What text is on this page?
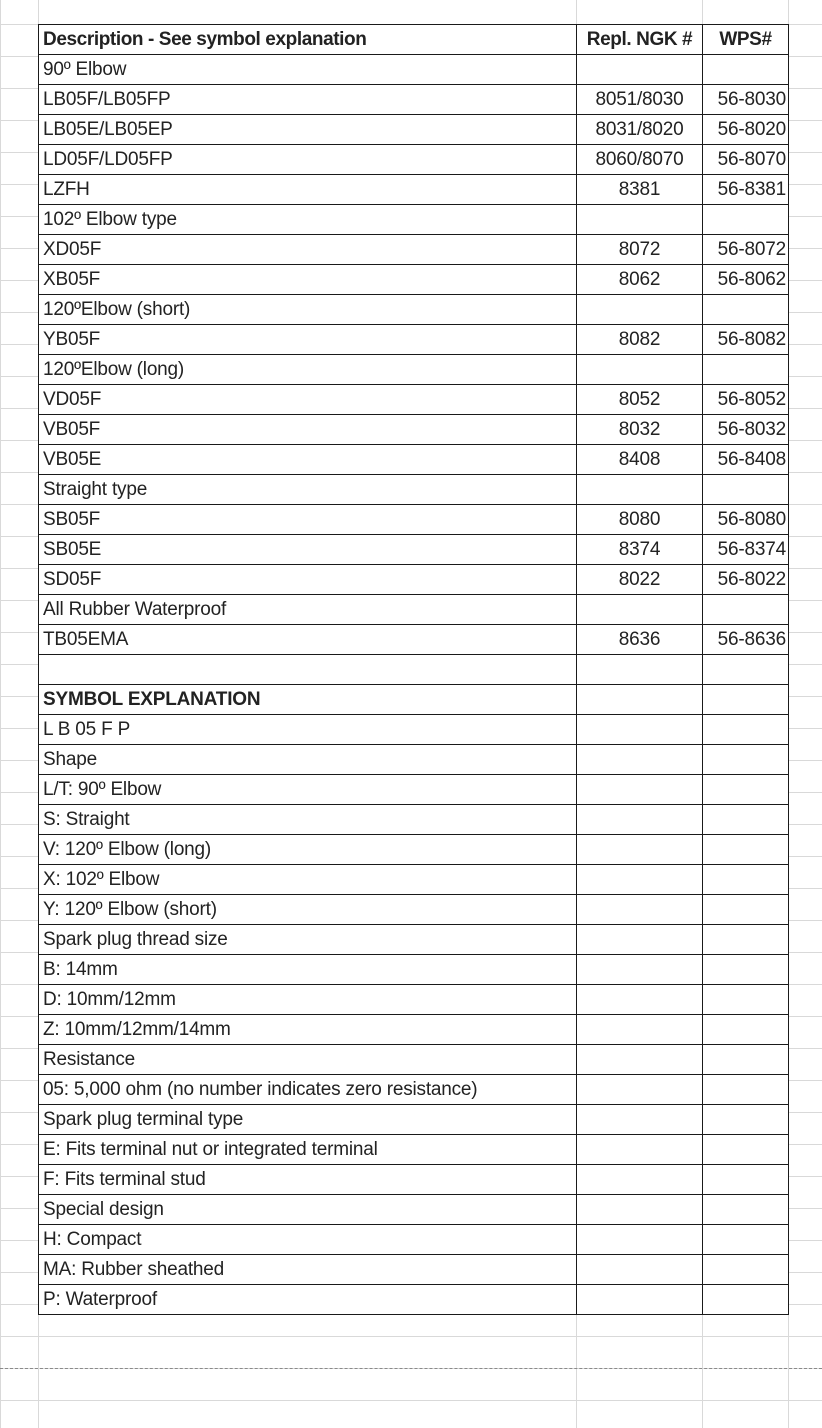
Description - See symbol explanation	Repl. NGK #	WPS#
90º Elbow		
LB05F/LB05FP	8051/8030	56-8030
LB05E/LB05EP	8031/8020	56-8020
LD05F/LD05FP	8060/8070	56-8070
LZFH	8381	56-8381
102º Elbow type		
XD05F	8072	56-8072
XB05F	8062	56-8062
120ºElbow (short)		
YB05F	8082	56-8082
120ºElbow (long)		
VD05F	8052	56-8052
VB05F	8032	56-8032
VB05E	8408	56-8408
Straight type		
SB05F	8080	56-8080
SB05E	8374	56-8374
SD05F	8022	56-8022
All Rubber Waterproof		
TB05EMA	8636	56-8636

SYMBOL EXPLANATION		
L B 05 F P		
Shape		
L/T: 90º Elbow		
S: Straight		
V: 120º Elbow (long)		
X: 102º Elbow		
Y: 120º Elbow (short)		
Spark plug thread size		
B: 14mm		
D: 10mm/12mm		
Z: 10mm/12mm/14mm		
Resistance		
05: 5,000 ohm (no number indicates zero resistance)		
Spark plug terminal type		
E: Fits terminal nut or integrated terminal		
F: Fits terminal stud		
Special design		
H: Compact		
MA: Rubber sheathed		
P: Waterproof		
